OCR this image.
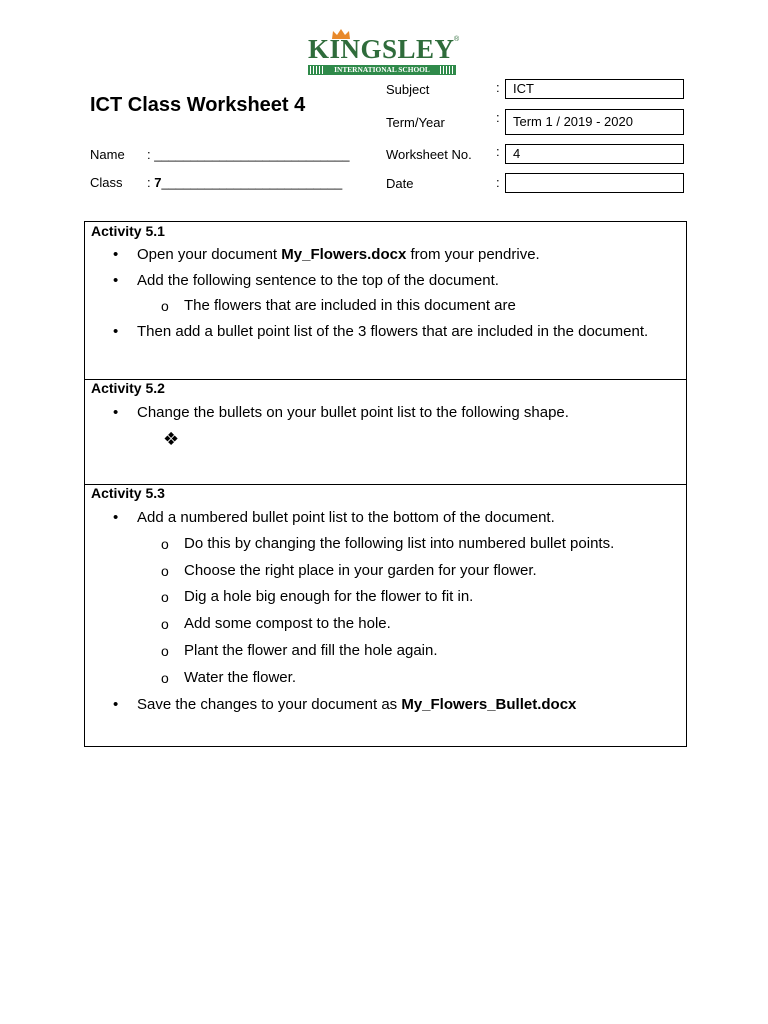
KINGSLEY ®
INTERNATIONAL SCHOOL
ICT Class Worksheet 4
Name : ___________________________
Class : 7_________________________
Subject	:	ICT
Term/Year	:	Term 1 / 2019 - 2020
Worksheet No. :	4
Date	:
Activity 5.1
• Open your document My_Flowers.docx from your pendrive.
• Add the following sentence to the top of the document.
o The flowers that are included in this document are
• Then add a bullet point list of the 3 flowers that are included in the document.
Activity 5.2
• Change the bullets on your bullet point list to the following shape.
❖
Activity 5.3
• Add a numbered bullet point list to the bottom of the document.
o Do this by changing the following list into numbered bullet points.
o Choose the right place in your garden for your flower.
o Dig a hole big enough for the flower to fit in.
o Add some compost to the hole.
o Plant the flower and fill the hole again.
o Water the flower.
• Save the changes to your document as My_Flowers_Bullet.docx
